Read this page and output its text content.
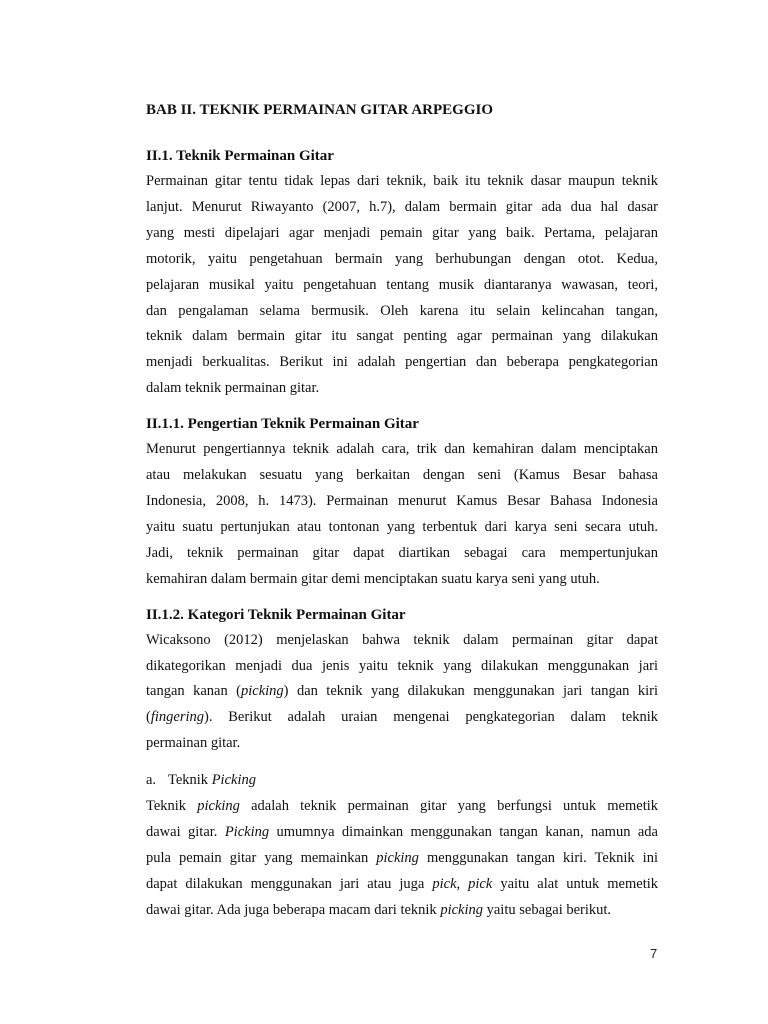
BAB II. TEKNIK PERMAINAN GITAR ARPEGGIO
II.1. Teknik Permainan Gitar
Permainan gitar tentu tidak lepas dari teknik, baik itu teknik dasar maupun teknik
lanjut. Menurut Riwayanto (2007, h.7), dalam bermain gitar ada dua hal dasar
yang mesti dipelajari agar menjadi pemain gitar yang baik. Pertama, pelajaran
motorik, yaitu pengetahuan bermain yang berhubungan dengan otot. Kedua,
pelajaran musikal yaitu pengetahuan tentang musik diantaranya wawasan, teori,
dan pengalaman selama bermusik. Oleh karena itu selain kelincahan tangan,
teknik dalam bermain gitar itu sangat penting agar permainan yang dilakukan
menjadi berkualitas. Berikut ini adalah pengertian dan beberapa pengkategorian
dalam teknik permainan gitar.
II.1.1. Pengertian Teknik Permainan Gitar
Menurut pengertiannya teknik adalah cara, trik dan kemahiran dalam menciptakan
atau melakukan sesuatu yang berkaitan dengan seni (Kamus Besar bahasa
Indonesia, 2008, h. 1473). Permainan menurut Kamus Besar Bahasa Indonesia
yaitu suatu pertunjukan atau tontonan yang terbentuk dari karya seni secara utuh.
Jadi, teknik permainan gitar dapat diartikan sebagai cara mempertunjukan
kemahiran dalam bermain gitar demi menciptakan suatu karya seni yang utuh.
II.1.2. Kategori Teknik Permainan Gitar
Wicaksono (2012) menjelaskan bahwa teknik dalam permainan gitar dapat
dikategorikan menjadi dua jenis yaitu teknik yang dilakukan menggunakan jari
tangan kanan (picking) dan teknik yang dilakukan menggunakan jari tangan kiri
(fingering). Berikut adalah uraian mengenai pengkategorian dalam teknik
permainan gitar.
a. Teknik Picking
Teknik picking adalah teknik permainan gitar yang berfungsi untuk memetik
dawai gitar. Picking umumnya dimainkan menggunakan tangan kanan, namun ada
pula pemain gitar yang memainkan picking menggunakan tangan kiri. Teknik ini
dapat dilakukan menggunakan jari atau juga pick, pick yaitu alat untuk memetik
dawai gitar. Ada juga beberapa macam dari teknik picking yaitu sebagai berikut.
7
